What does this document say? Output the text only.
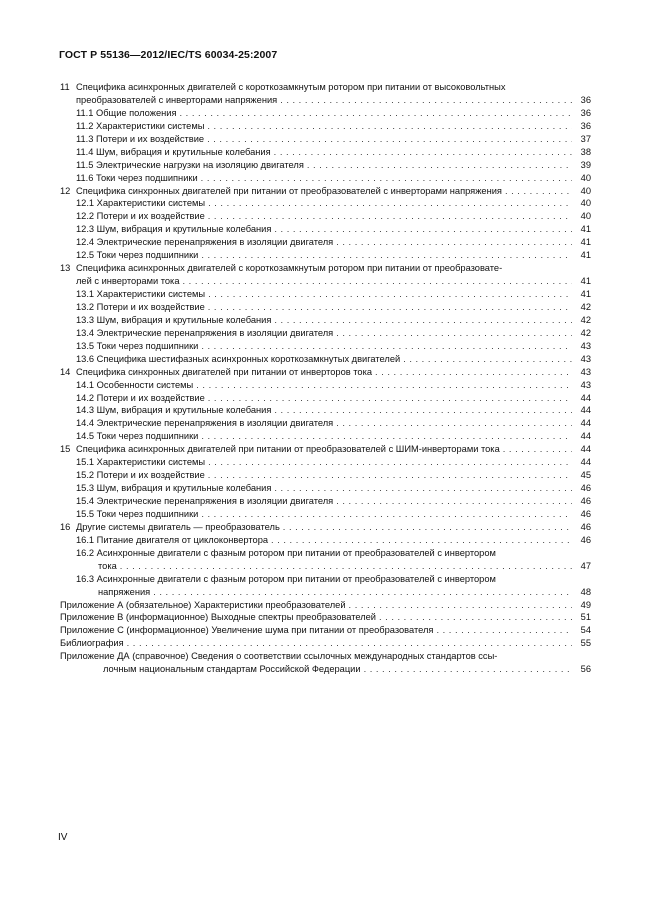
ГОСТ Р 55136—2012/IEC/TS 60034-25:2007
11 Спецификa асинхронных двигателей с короткозамкнутым ротором при питании от высоковольтных
преобразователей с инверторами напряжения . . .	36
11.1 Общие положения . . .	36
11.2 Характеристики системы . . .	36
11.3 Потери и их воздействие . . .	37
11.4 Шум, вибрация и крутильные колебания . . .	38
11.5 Электрические нагрузки на изоляцию двигателя . . .	39
11.6 Токи через подшипники . . .	40
12 Спецификa синхронных двигателей при питании от преобразователей с инверторами напряжения . . .	40
12.1 Характеристики системы . . .	40
12.2 Потери и их воздействие . . .	40
12.3 Шум, вибрация и крутильные колебания . . .	41
12.4 Электрические перенапряжения в изоляции двигателя . . .	41
12.5 Токи через подшипники . . .	41
13 Спецификa асинхронных двигателей с короткозамкнутым ротором при питании от преобразовате-
лей с инверторами тока . . .	41
13.1 Характеристики системы . . .	41
13.2 Потери и их воздействие . . .	42
13.3 Шум, вибрация и крутильные колебания . . .	42
13.4 Электрические перенапряжения в изоляции двигателя . . .	42
13.5 Токи через подшипники . . .	43
13.6 Спецификa шестифазных асинхронных короткозамкнутых двигателей . . .	43
14 Спецификa синхронных двигателей при питании от инверторов тока . . .	43
14.1 Особенности системы . . .	43
14.2 Потери и их воздействие . . .	44
14.3 Шум, вибрация и крутильные колебания . . .	44
14.4 Электрические перенапряжения в изоляции двигателя . . .	44
14.5 Токи через подшипники . . .	44
15 Спецификa асинхронных двигателей при питании от преобразователей с ШИМ-инверторами тока . . .	44
15.1 Характеристики системы . . .	44
15.2 Потери и их воздействие . . .	45
15.3 Шум, вибрация и крутильные колебания . . .	46
15.4 Электрические перенапряжения в изоляции двигателя . . .	46
15.5 Токи через подшипники . . .	46
16 Другие системы двигатель — преобразователь . . .	46
16.1 Питание двигателя от циклоконвертора . . .	46
16.2 Асинхронные двигатели с фазным ротором при питании от преобразователей с инвертором
тока . . .	47
16.3 Асинхронные двигатели с фазным ротором при питании от преобразователей с инвертором
напряжения . . .	48
Приложение А (обязательное) Характеристики преобразователей . . .	49
Приложение В (информационное) Выходные спектры преобразователей . . .	51
Приложение С (информационное) Увеличение шума при питании от преобразователя . . .	54
Библиография . . .	55
Приложение ДА (справочное) Сведения о соответствии ссылочных международных стандартов ссы-
лочным национальным стандартам Российской Федерации . . .	56
IV
